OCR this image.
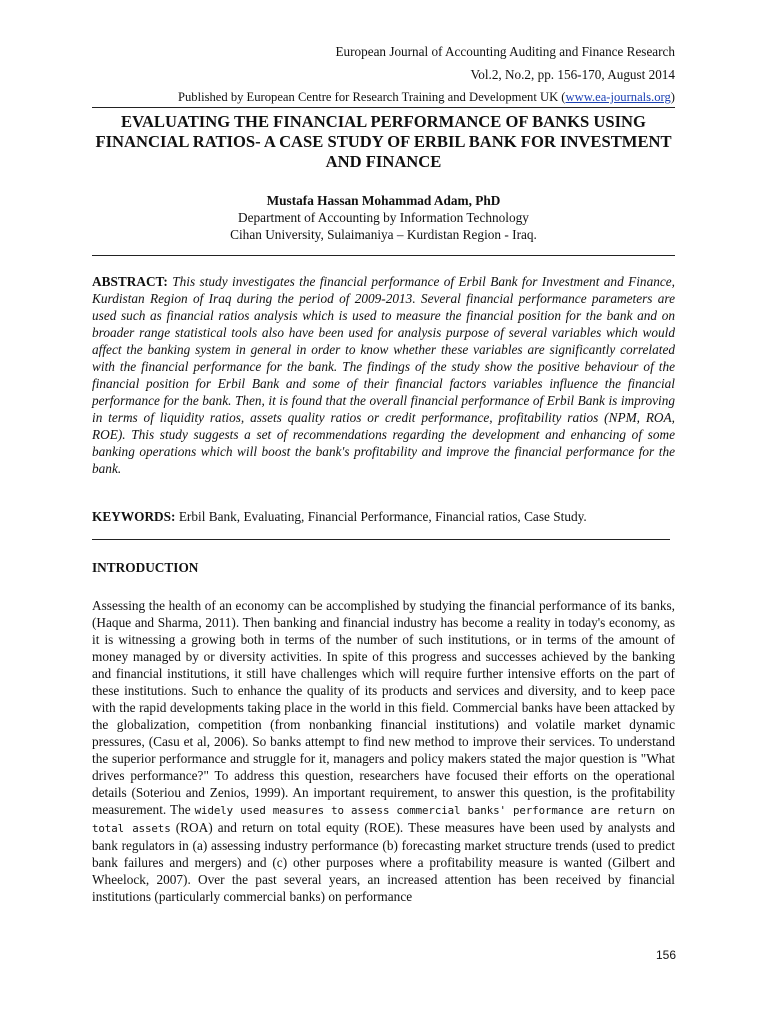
European Journal of Accounting Auditing and Finance Research
Vol.2, No.2, pp. 156-170, August 2014
Published by European Centre for Research Training and Development UK (www.ea-journals.org)
EVALUATING THE FINANCIAL PERFORMANCE OF BANKS USING FINANCIAL RATIOS- A CASE STUDY OF ERBIL BANK FOR INVESTMENT AND FINANCE
Mustafa Hassan Mohammad Adam, PhD
Department of Accounting by Information Technology
Cihan University, Sulaimaniya – Kurdistan Region - Iraq.
ABSTRACT: This study investigates the financial performance of Erbil Bank for Investment and Finance, Kurdistan Region of Iraq during the period of 2009-2013. Several financial performance parameters are used such as financial ratios analysis which is used to measure the financial position for the bank and on broader range statistical tools also have been used for analysis purpose of several variables which would affect the banking system in general in order to know whether these variables are significantly correlated with the financial performance for the bank. The findings of the study show the positive behaviour of the financial position for Erbil Bank and some of their financial factors variables influence the financial performance for the bank. Then, it is found that the overall financial performance of Erbil Bank is improving in terms of liquidity ratios, assets quality ratios or credit performance, profitability ratios (NPM, ROA, ROE). This study suggests a set of recommendations regarding the development and enhancing of some banking operations which will boost the bank's profitability and improve the financial performance for the bank.
KEYWORDS: Erbil Bank, Evaluating, Financial Performance, Financial ratios, Case Study.
INTRODUCTION
Assessing the health of an economy can be accomplished by studying the financial performance of its banks, (Haque and Sharma, 2011). Then banking and financial industry has become a reality in today's economy, as it is witnessing a growing both in terms of the number of such institutions, or in terms of the amount of money managed by or diversity activities. In spite of this progress and successes achieved by the banking and financial institutions, it still have challenges which will require further intensive efforts on the part of these institutions. Such to enhance the quality of its products and services and diversity, and to keep pace with the rapid developments taking place in the world in this field. Commercial banks have been attacked by the globalization, competition (from nonbanking financial institutions) and volatile market dynamic pressures, (Casu et al, 2006). So banks attempt to find new method to improve their services. To understand the superior performance and struggle for it, managers and policy makers stated the major question is "What drives performance?" To address this question, researchers have focused their efforts on the operational details (Soteriou and Zenios, 1999). An important requirement, to answer this question, is the profitability measurement. The widely used measures to assess commercial banks' performance are return on total assets (ROA) and return on total equity (ROE). These measures have been used by analysts and bank regulators in (a) assessing industry performance (b) forecasting market structure trends (used to predict bank failures and mergers) and (c) other purposes where a profitability measure is wanted (Gilbert and Wheelock, 2007). Over the past several years, an increased attention has been received by financial institutions (particularly commercial banks) on performance
156
